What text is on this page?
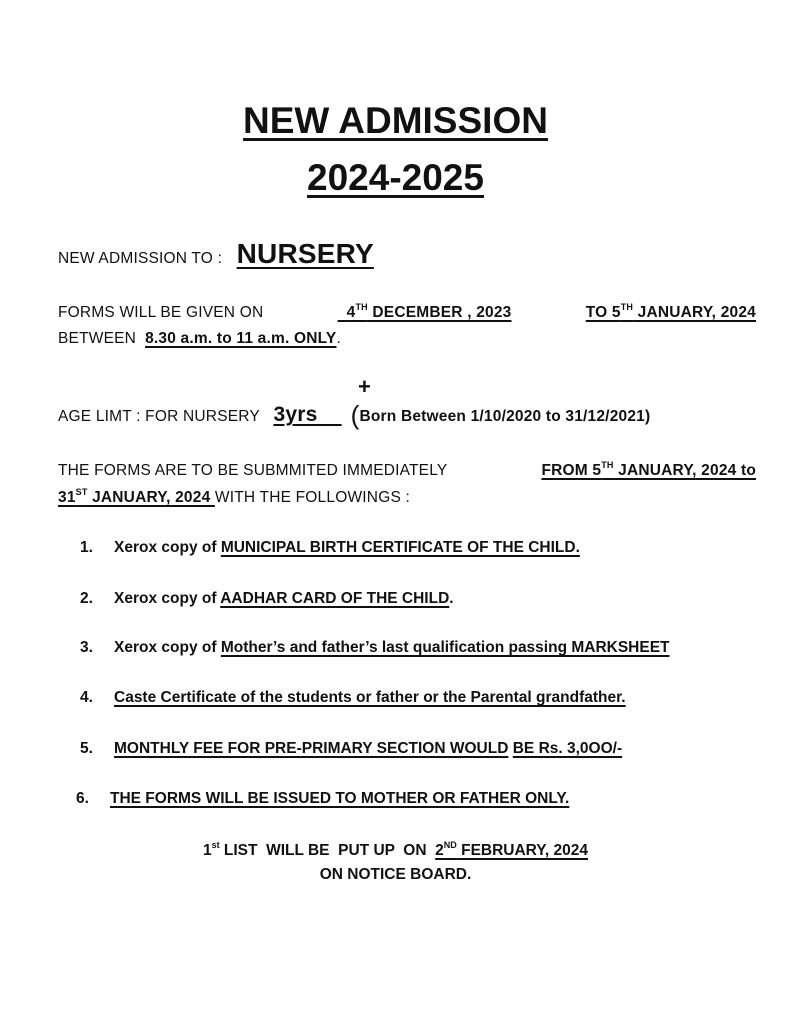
NEW ADMISSION
2024-2025
NEW ADMISSION TO : NURSERY
FORMS WILL BE GIVEN ON	4TH DECEMBER , 2023	TO 5TH JANUARY, 2024
BETWEEN 8.30 a.m. to 11 a.m. ONLY.
+
AGE LIMT : FOR NURSERY 3yrs (Born Between 1/10/2020 to 31/12/2021)
THE FORMS ARE TO BE SUBMMITED IMMEDIATELY	FROM 5TH JANUARY, 2024 to
31ST JANUARY, 2024 WITH THE FOLLOWINGS :
1.	Xerox copy of MUNICIPAL BIRTH CERTIFICATE OF THE CHILD.
2.	Xerox copy of AADHAR CARD OF THE CHILD.
3.	Xerox copy of Mother’s and father’s last qualification passing MARKSHEET
4.	Caste Certificate of the students or father or the Parental grandfather.
5.	MONTHLY FEE FOR PRE-PRIMARY SECTION WOULD BE Rs. 3,0OO/-
6.	THE FORMS WILL BE ISSUED TO MOTHER OR FATHER ONLY.
1st LIST  WILL BE  PUT UP  ON  2ND FEBRUARY, 2024
ON NOTICE BOARD.
